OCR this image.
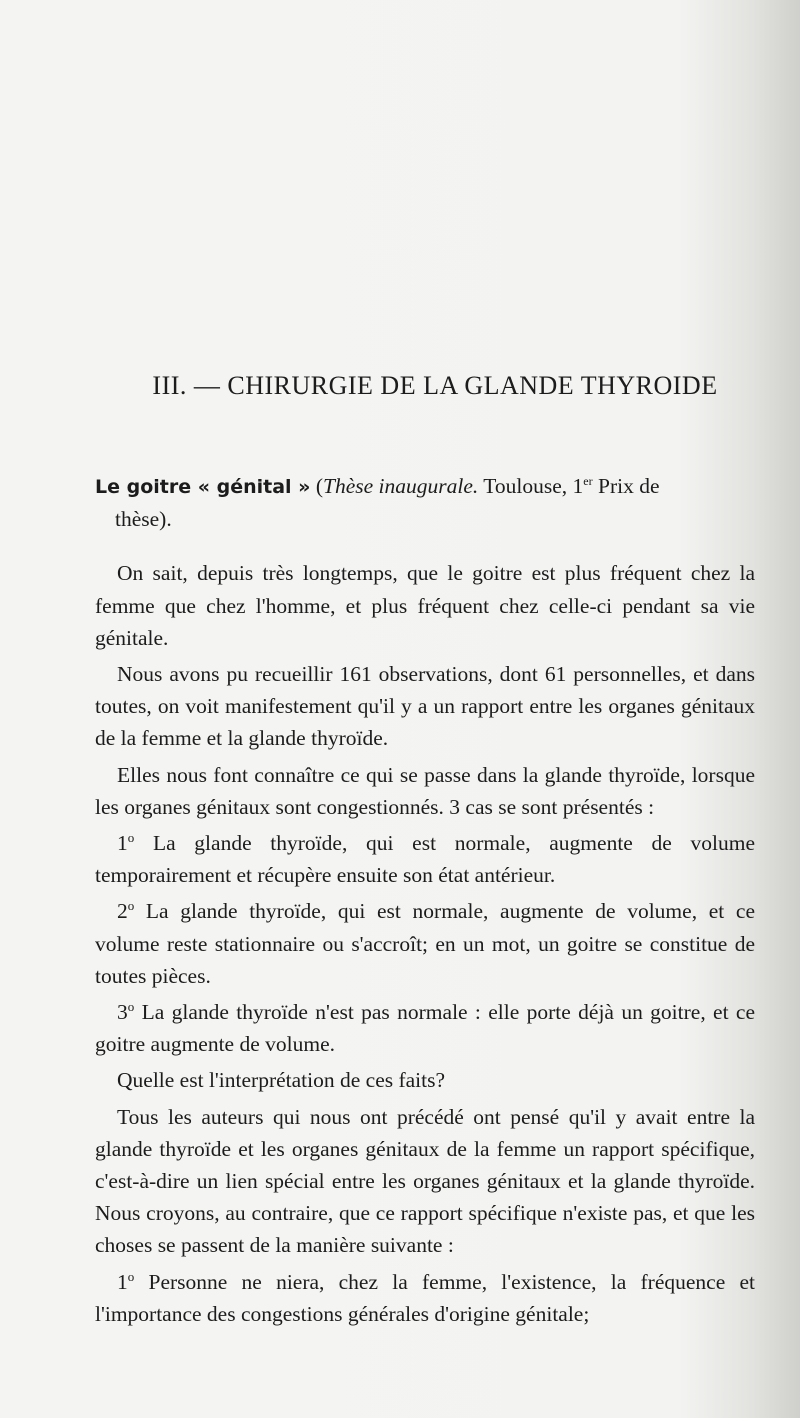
III. — CHIRURGIE DE LA GLANDE THYROIDE
Le goitre « génital » (Thèse inaugurale. Toulouse, 1er Prix de
thèse).

On sait, depuis très longtemps, que le goitre est plus fréquent chez la femme que chez l'homme, et plus fréquent chez celle-ci pendant sa vie génitale.

Nous avons pu recueillir 161 observations, dont 61 personnelles, et dans toutes, on voit manifestement qu'il y a un rapport entre les organes génitaux de la femme et la glande thyroïde.

Elles nous font connaître ce qui se passe dans la glande thyroïde, lorsque les organes génitaux sont congestionnés. 3 cas se sont présentés :

1$^o$ La glande thyroïde, qui est normale, augmente de volume temporairement et récupère ensuite son état antérieur.

2$^o$ La glande thyroïde, qui est normale, augmente de volume, et ce volume reste stationnaire ou s'accroît; en un mot, un goitre se constitue de toutes pièces.

3$^o$ La glande thyroïde n'est pas normale : elle porte déjà un goitre, et ce goitre augmente de volume.

Quelle est l'interprétation de ces faits?

Tous les auteurs qui nous ont précédé ont pensé qu'il y avait entre la glande thyroïde et les organes génitaux de la femme un rapport spécifique, c'est-à-dire un lien spécial entre les organes génitaux et la glande thyroïde. Nous croyons, au contraire, que ce rapport spécifique n'existe pas, et que les choses se passent de la manière suivante :

1$^o$ Personne ne niera, chez la femme, l'existence, la fréquence et l'importance des congestions générales d'origine génitale;
